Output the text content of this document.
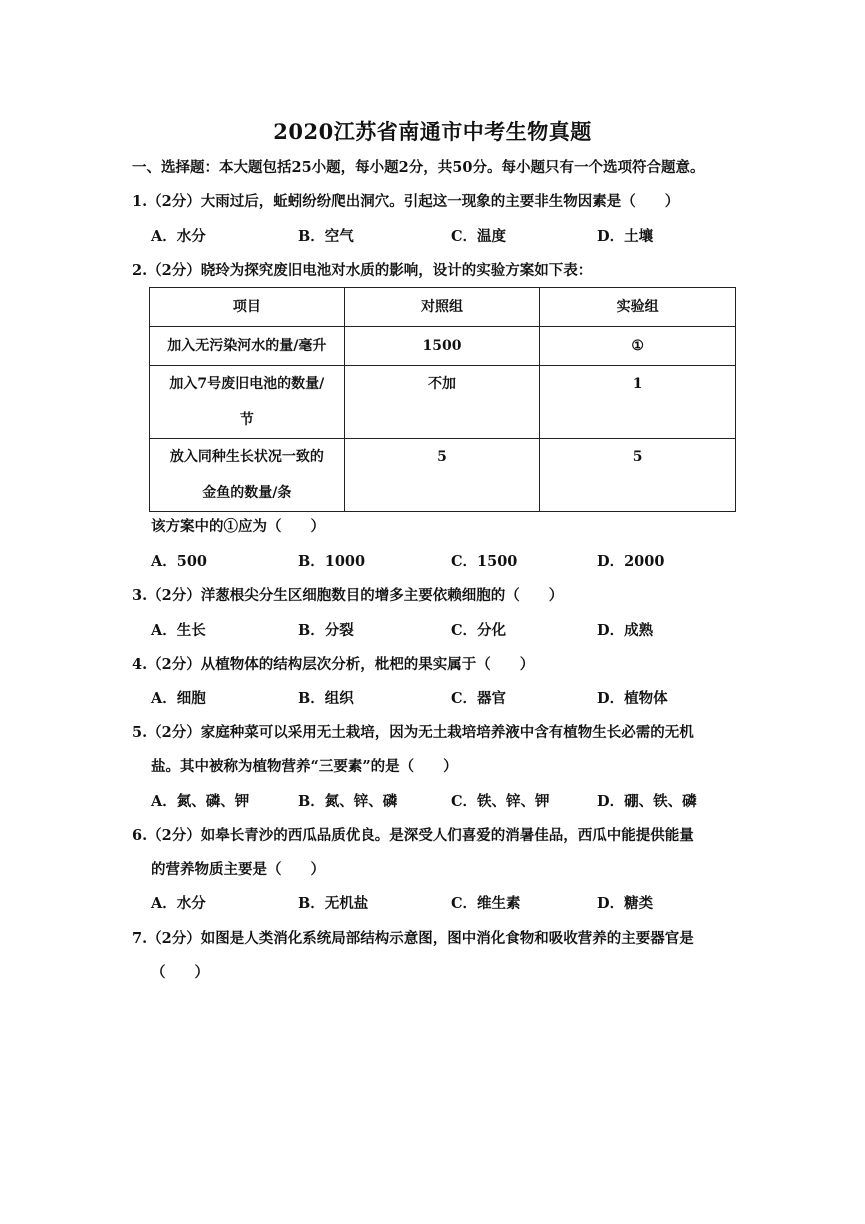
2020江苏省南通市中考生物真题
一、选择题：本大题包括25小题，每小题2分，共50分。每小题只有一个选项符合题意。
1.（2分）大雨过后，蚯蚓纷纷爬出洞穴。引起这一现象的主要非生物因素是（　　）
A．水分	B．空气	C．温度	D．土壤
2.（2分）晓玲为探究废旧电池对水质的影响，设计的实验方案如下表：
项目	对照组	实验组
加入无污染河水的量/毫升	1500	①

加入7号废旧电池的数量/
节	不加	1

放入同种生长状况一致的
金鱼的数量/条	5	5
该方案中的①应为（　　）
A．500	B．1000	C．1500	D．2000
3.（2分）洋葱根尖分生区细胞数目的增多主要依赖细胞的（　　）
A．生长	B．分裂	C．分化	D．成熟
4.（2分）从植物体的结构层次分析，枇杷的果实属于（　　）
A．细胞	B．组织	C．器官	D．植物体
5.（2分）家庭种菜可以采用无土栽培，因为无土栽培培养液中含有植物生长必需的无机
盐。其中被称为植物营养“三要素”的是（　　）
A．氮、磷、钾	B．氮、锌、磷	C．铁、锌、钾	D．硼、铁、磷
6.（2分）如皋长青沙的西瓜品质优良。是深受人们喜爱的消暑佳品，西瓜中能提供能量
的营养物质主要是（　　）
A．水分	B．无机盐	C．维生素	D．糖类
7.（2分）如图是人类消化系统局部结构示意图，图中消化食物和吸收营养的主要器官是
（　　）
